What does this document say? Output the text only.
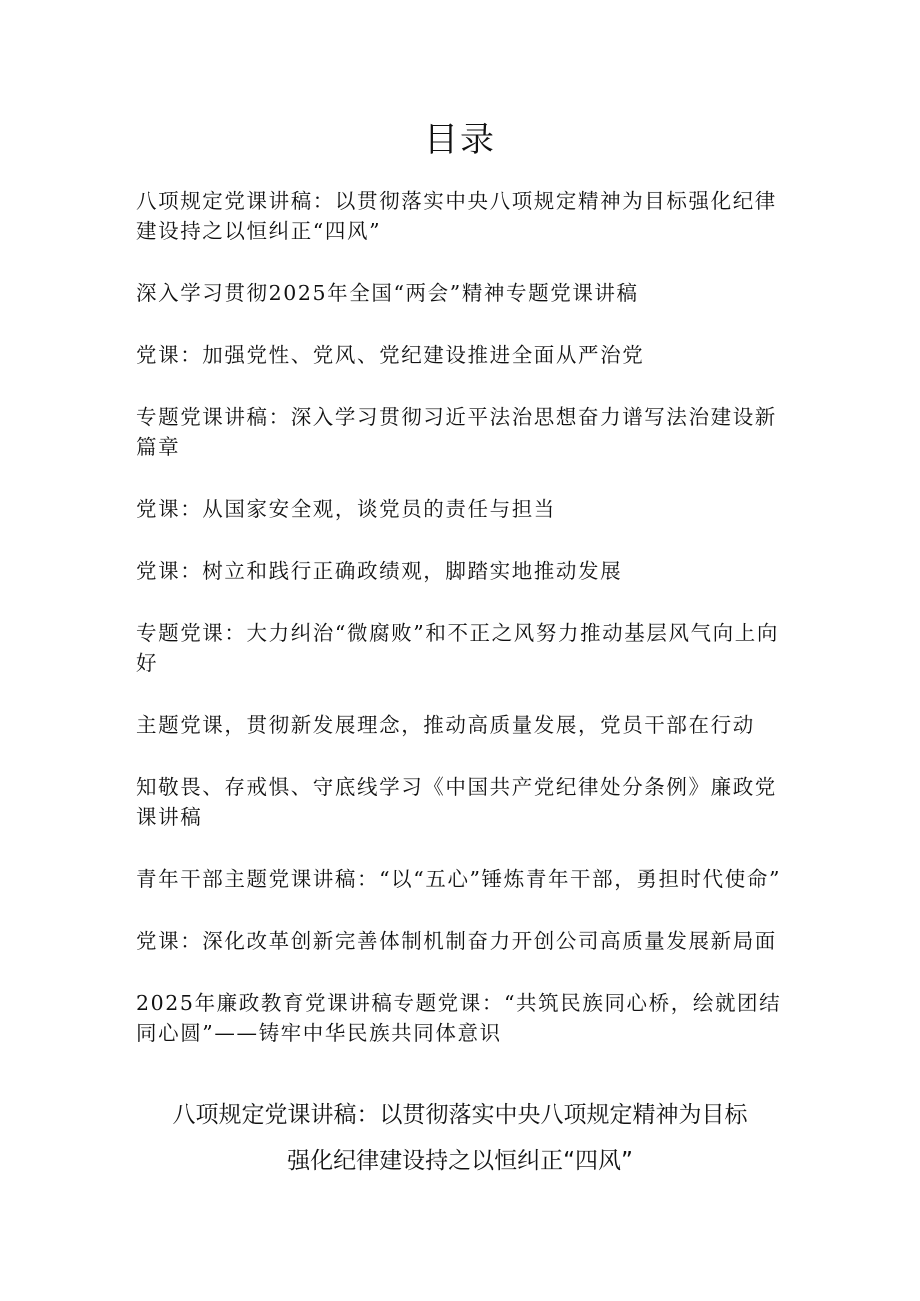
目录
八项规定党课讲稿：以贯彻落实中央八项规定精神为目标强化纪律建设持之以恒纠正“四风”
深入学习贯彻2025年全国“两会”精神专题党课讲稿
党课：加强党性、党风、党纪建设推进全面从严治党
专题党课讲稿：深入学习贯彻习近平法治思想奋力谱写法治建设新篇章
党课：从国家安全观，谈党员的责任与担当
党课：树立和践行正确政绩观，脚踏实地推动发展
专题党课：大力纠治“微腐败”和不正之风努力推动基层风气向上向好
主题党课，贯彻新发展理念，推动高质量发展，党员干部在行动
知敬畏、存戒惧、守底线学习《中国共产党纪律处分条例》廉政党课讲稿
青年干部主题党课讲稿：“以“五心”锤炼青年干部，勇担时代使命”
党课：深化改革创新完善体制机制奋力开创公司高质量发展新局面
2025年廉政教育党课讲稿专题党课：“共筑民族同心桥，绘就团结同心圆”——铸牢中华民族共同体意识
八项规定党课讲稿：以贯彻落实中央八项规定精神为目标
强化纪律建设持之以恒纠正“四风”
